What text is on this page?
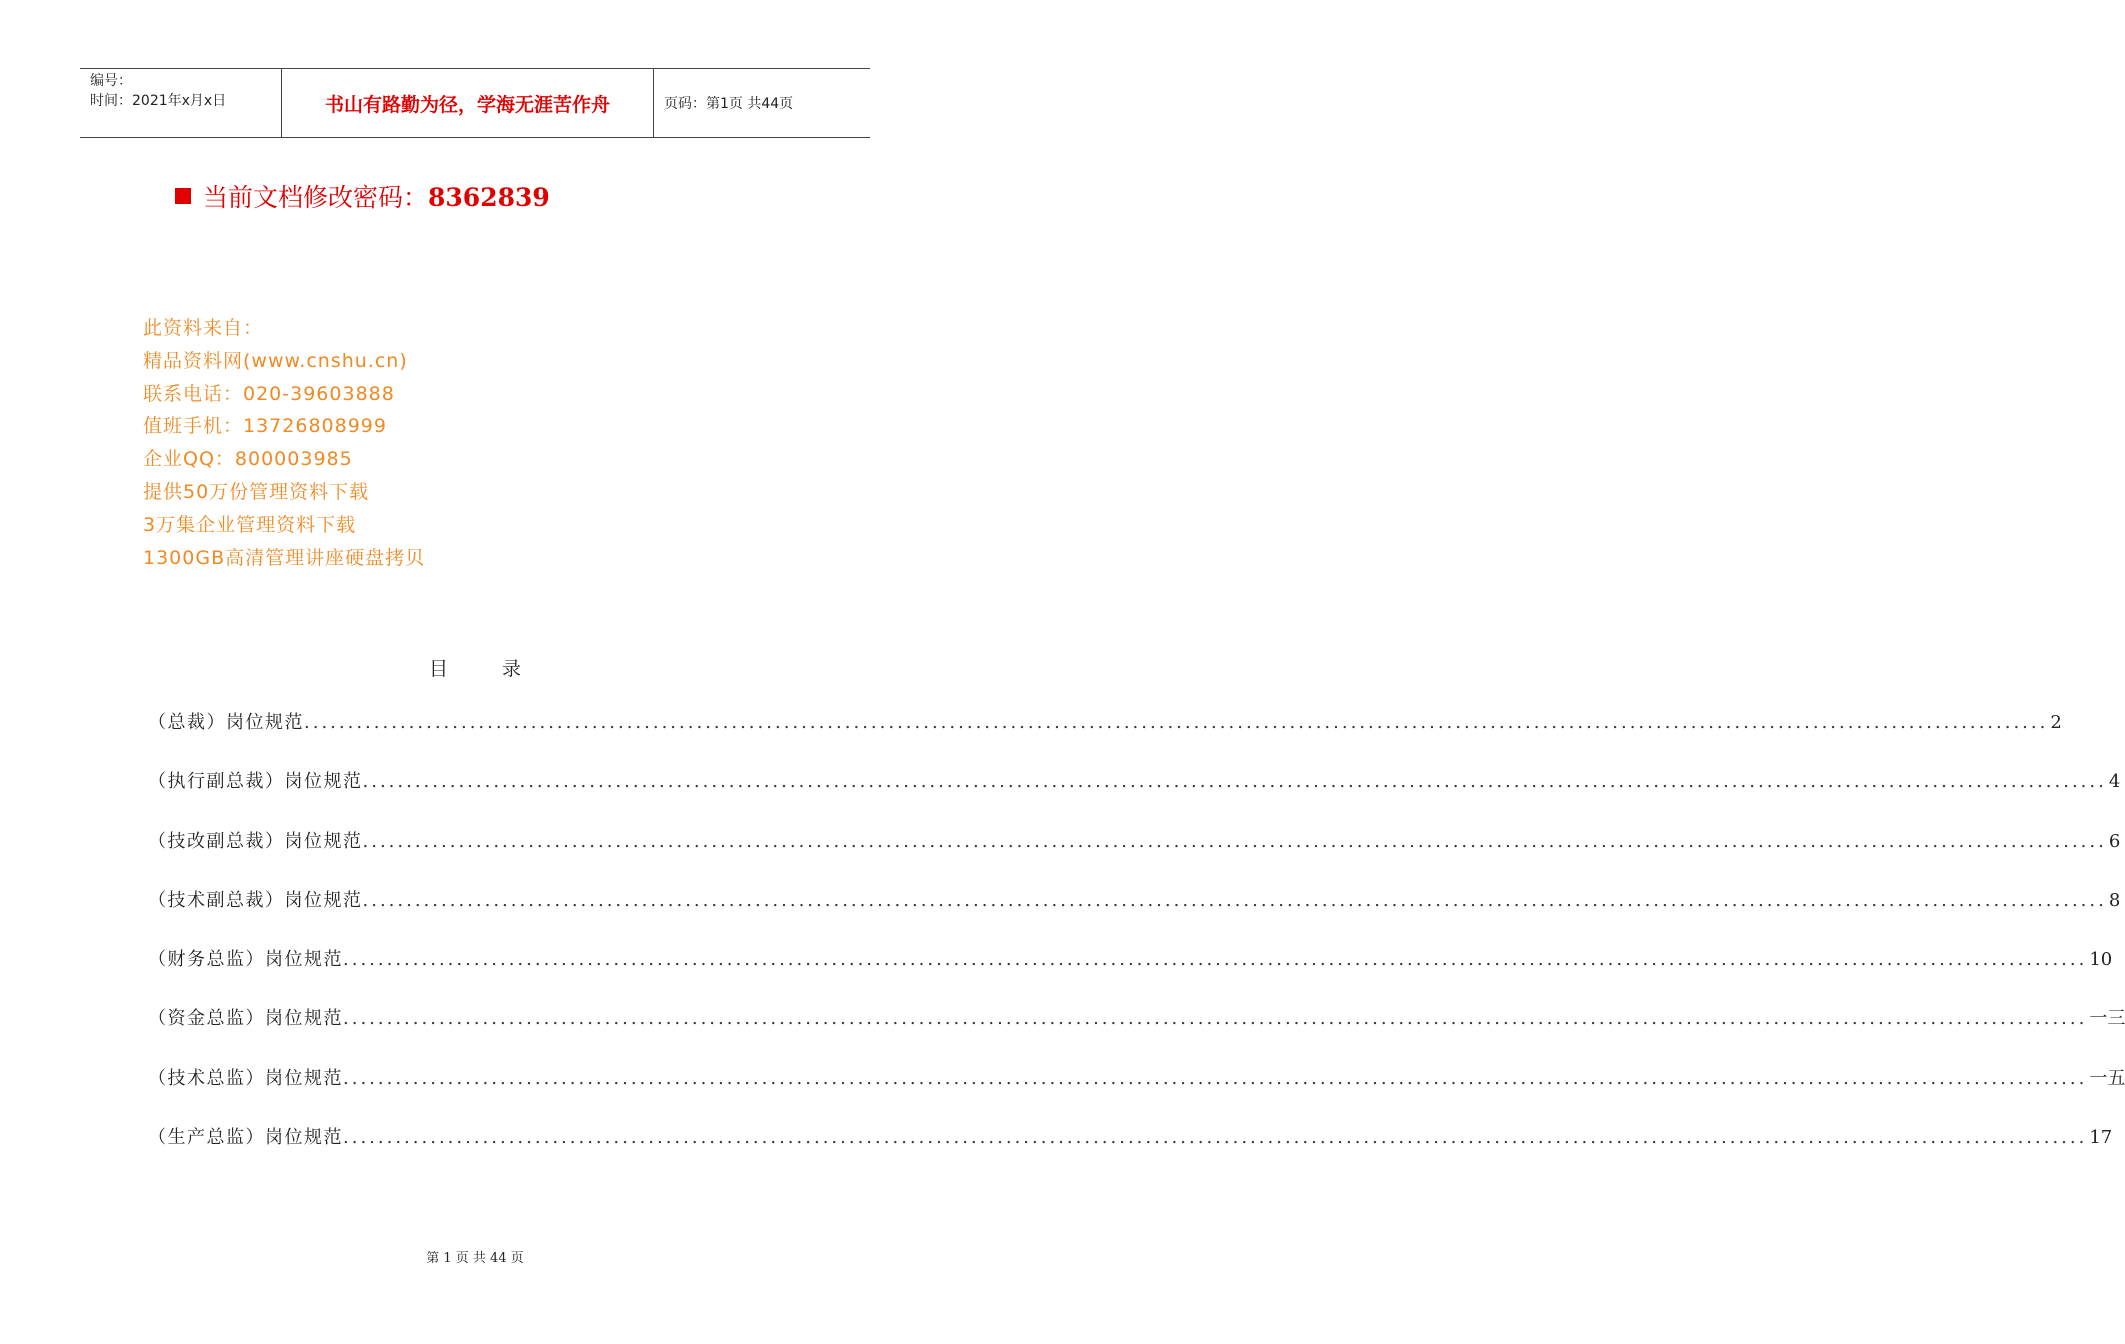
编号：
时间：2021年x月x日	书山有路勤为径，学海无涯苦作舟	页码：第1页 共44页
当前文档修改密码：8362839
此资料来自：
精品资料网(www.cnshu.cn)
联系电话：020-39603888
值班手机：13726808999
企业QQ：800003985
提供50万份管理资料下载
3万集企业管理资料下载
1300GB高清管理讲座硬盘拷贝
目 录
（总裁）岗位规范 ........................................................................................................................................................................................................ 2
（执行副总裁）岗位规范 ........................................................................................................................................................................................................ 4
（技改副总裁）岗位规范 ........................................................................................................................................................................................................ 6
（技术副总裁）岗位规范 ........................................................................................................................................................................................................ 8
（财务总监）岗位规范 ........................................................................................................................................................................................................ 10
（资金总监）岗位规范 ........................................................................................................................................................................................................ 一三
（技术总监）岗位规范 ........................................................................................................................................................................................................ 一五
（生产总监）岗位规范 ........................................................................................................................................................................................................ 17
第 1 页 共 44 页
